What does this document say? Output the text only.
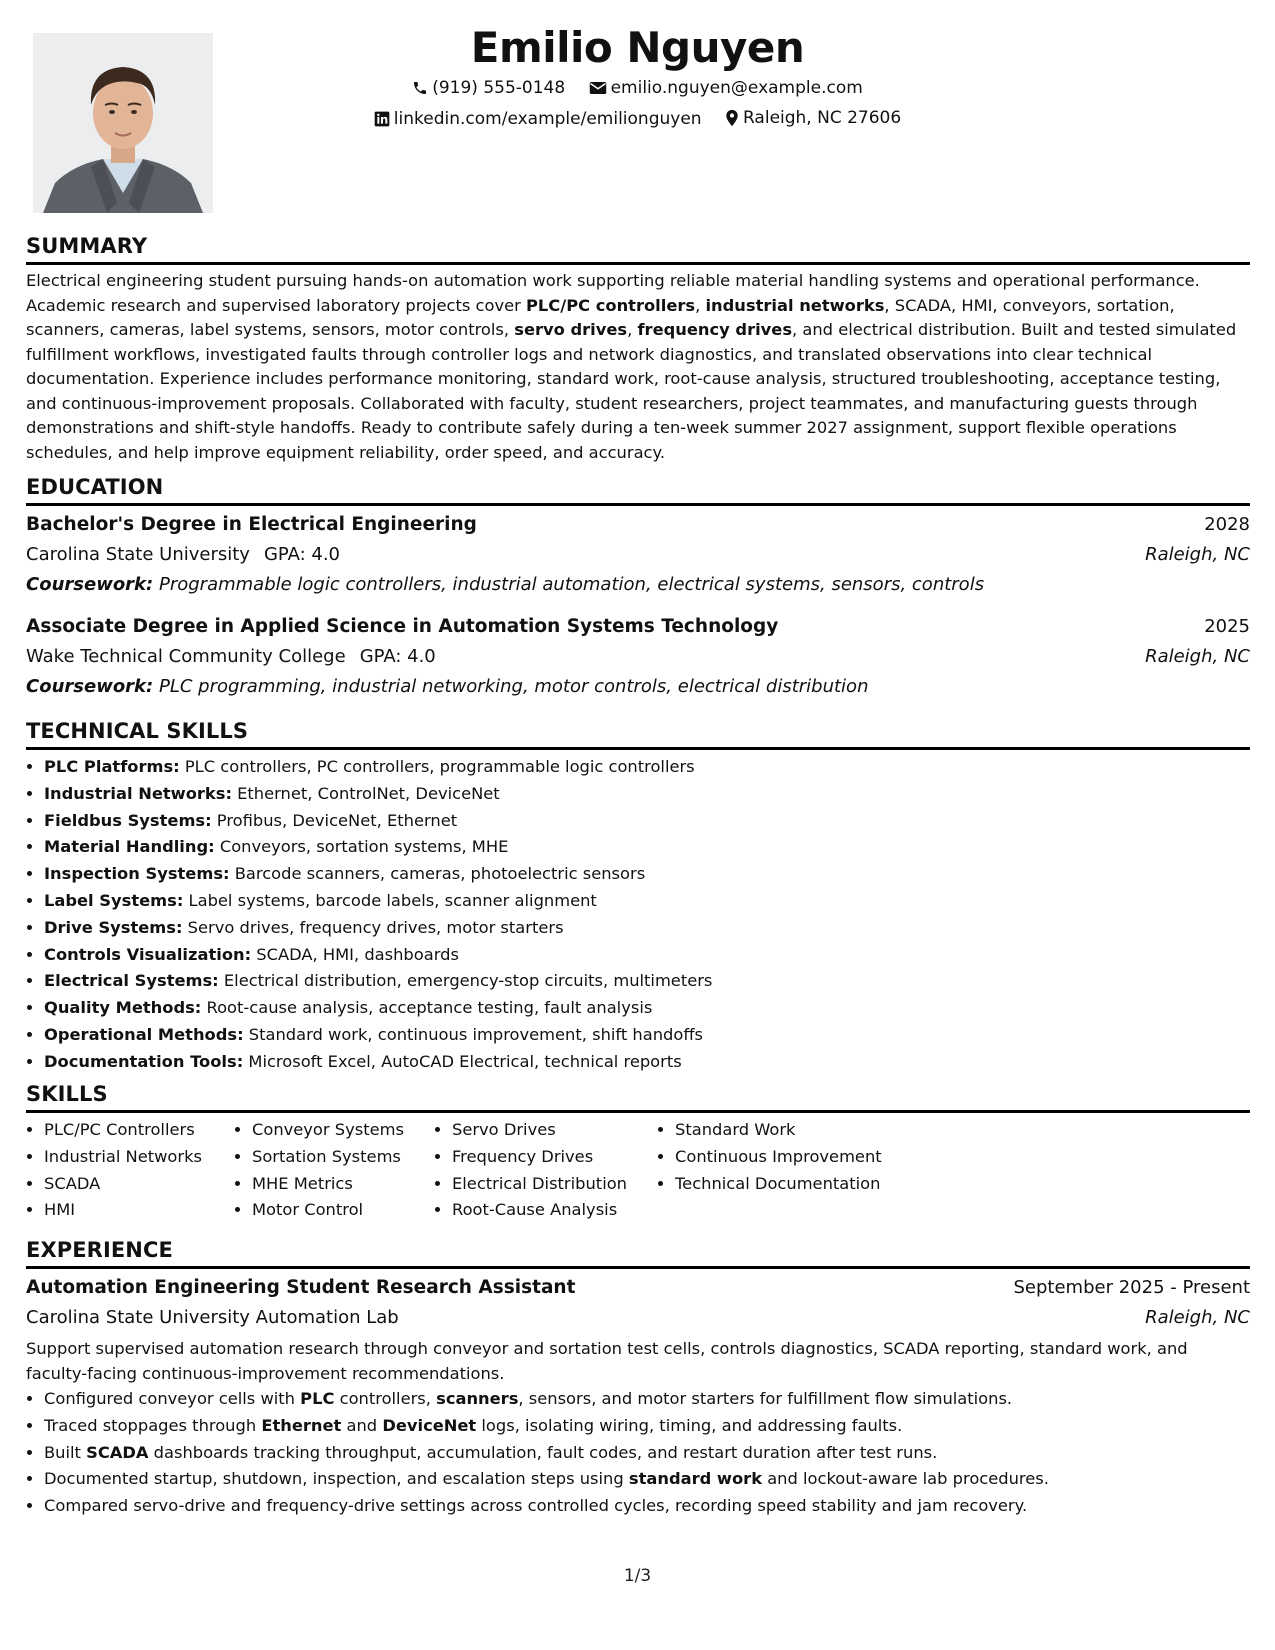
Emilio Nguyen
(919) 555-0148
	emilio.nguyen@example.com
linkedin.com/example/emilionguyen
Raleigh, NC 27606
SUMMARY

Electrical engineering student pursuing hands-on automation work supporting reliable material handling systems and operational performance. Academic research and supervised laboratory projects cover PLC/PC controllers, industrial networks, SCADA, HMI, conveyors, sortation, scanners, cameras, label systems, sensors, motor controls, servo drives, frequency drives, and electrical distribution. Built and tested simulated fulfillment workflows, investigated faults through controller logs and network diagnostics, and translated observations into clear technical documentation. Experience includes performance monitoring, standard work, root-cause analysis, structured troubleshooting, acceptance testing, and continuous-improvement proposals. Collaborated with faculty, student researchers, project teammates, and manufacturing guests through demonstrations and shift-style handoffs. Ready to contribute safely during a ten-week summer 2027 assignment, support flexible operations schedules, and help improve equipment reliability, order speed, and accuracy.

EDUCATION
Bachelor's Degree in Electrical Engineering	2028
Carolina State University GPA: 4.0	Raleigh, NC
Coursework: Programmable logic controllers, industrial automation, electrical systems, sensors, controls
Associate Degree in Applied Science in Automation Systems Technology	2025
Wake Technical Community College GPA: 4.0	Raleigh, NC
Coursework: PLC programming, industrial networking, motor controls, electrical distribution
TECHNICAL SKILLS
• PLC Platforms: PLC controllers, PC controllers, programmable logic controllers
• Industrial Networks: Ethernet, ControlNet, DeviceNet
• Fieldbus Systems: Profibus, DeviceNet, Ethernet
• Material Handling: Conveyors, sortation systems, MHE
• Inspection Systems: Barcode scanners, cameras, photoelectric sensors
• Label Systems: Label systems, barcode labels, scanner alignment
• Drive Systems: Servo drives, frequency drives, motor starters
• Controls Visualization: SCADA, HMI, dashboards
• Electrical Systems: Electrical distribution, emergency-stop circuits, multimeters
• Quality Methods: Root-cause analysis, acceptance testing, fault analysis
• Operational Methods: Standard work, continuous improvement, shift handoffs
• Documentation Tools: Microsoft Excel, AutoCAD Electrical, technical reports
SKILLS
• PLC/PC Controllers
• Industrial Networks
• SCADA
• HMI
• Conveyor Systems
• Sortation Systems
• MHE Metrics
• Motor Control
• Servo Drives
• Frequency Drives
• Electrical Distribution
• Root-Cause Analysis
• Standard Work
• Continuous Improvement
• Technical Documentation
EXPERIENCE
Automation Engineering Student Research Assistant	September 2025 - Present
Carolina State University Automation Lab	Raleigh, NC

Support supervised automation research through conveyor and sortation test cells, controls diagnostics, SCADA reporting, standard work, and faculty-facing continuous-improvement recommendations.

• Configured conveyor cells with PLC controllers, scanners, sensors, and motor starters for fulfillment flow simulations.
• Traced stoppages through Ethernet and DeviceNet logs, isolating wiring, timing, and addressing faults.
• Built SCADA dashboards tracking throughput, accumulation, fault codes, and restart duration after test runs.
• Documented startup, shutdown, inspection, and escalation steps using standard work and lockout-aware lab procedures.
• Compared servo-drive and frequency-drive settings across controlled cycles, recording speed stability and jam recovery.
1/3
